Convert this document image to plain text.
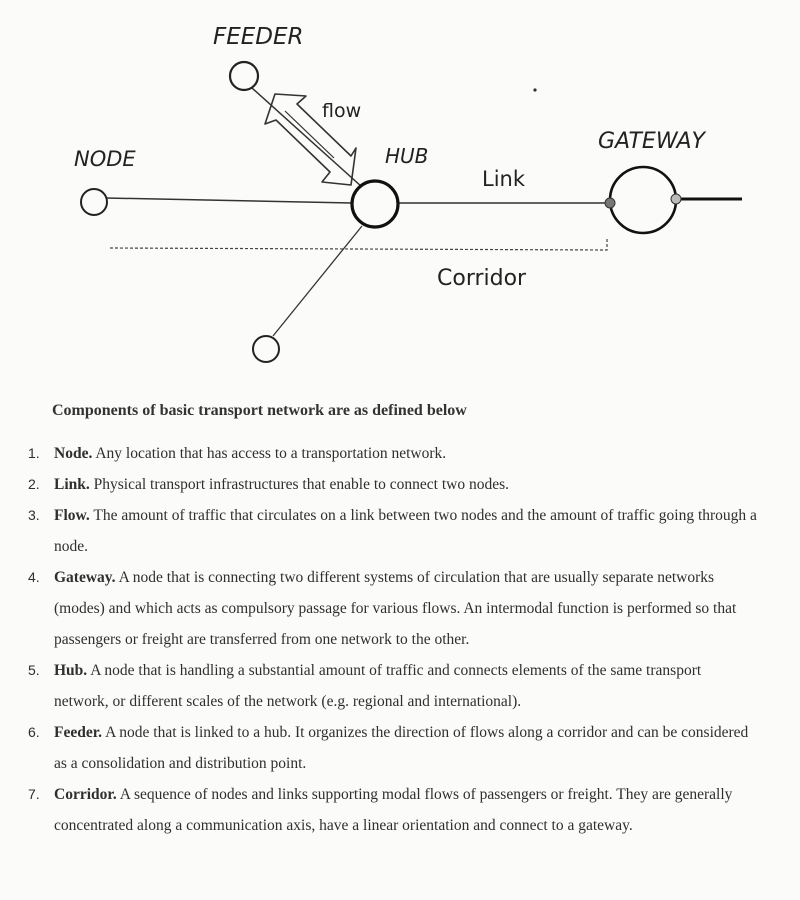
FEEDER
flow
NODE	HUB
Link
GATEWAY
Corridor
Components of basic transport network are as defined below
1. Node. Any location that has access to a transportation network.
2. Link. Physical transport infrastructures that enable to connect two nodes.
3. Flow. The amount of traffic that circulates on a link between two nodes and the amount of traffic going through a node.
4. Gateway. A node that is connecting two different systems of circulation that are usually separate networks (modes) and which acts as compulsory passage for various flows. An intermodal function is performed so that passengers or freight are transferred from one network to the other.
5. Hub. A node that is handling a substantial amount of traffic and connects elements of the same transport network, or different scales of the network (e.g. regional and international).
6. Feeder. A node that is linked to a hub. It organizes the direction of flows along a corridor and can be considered as a consolidation and distribution point.
7. Corridor. A sequence of nodes and links supporting modal flows of passengers or freight. They are generally concentrated along a communication axis, have a linear orientation and connect to a gateway.
